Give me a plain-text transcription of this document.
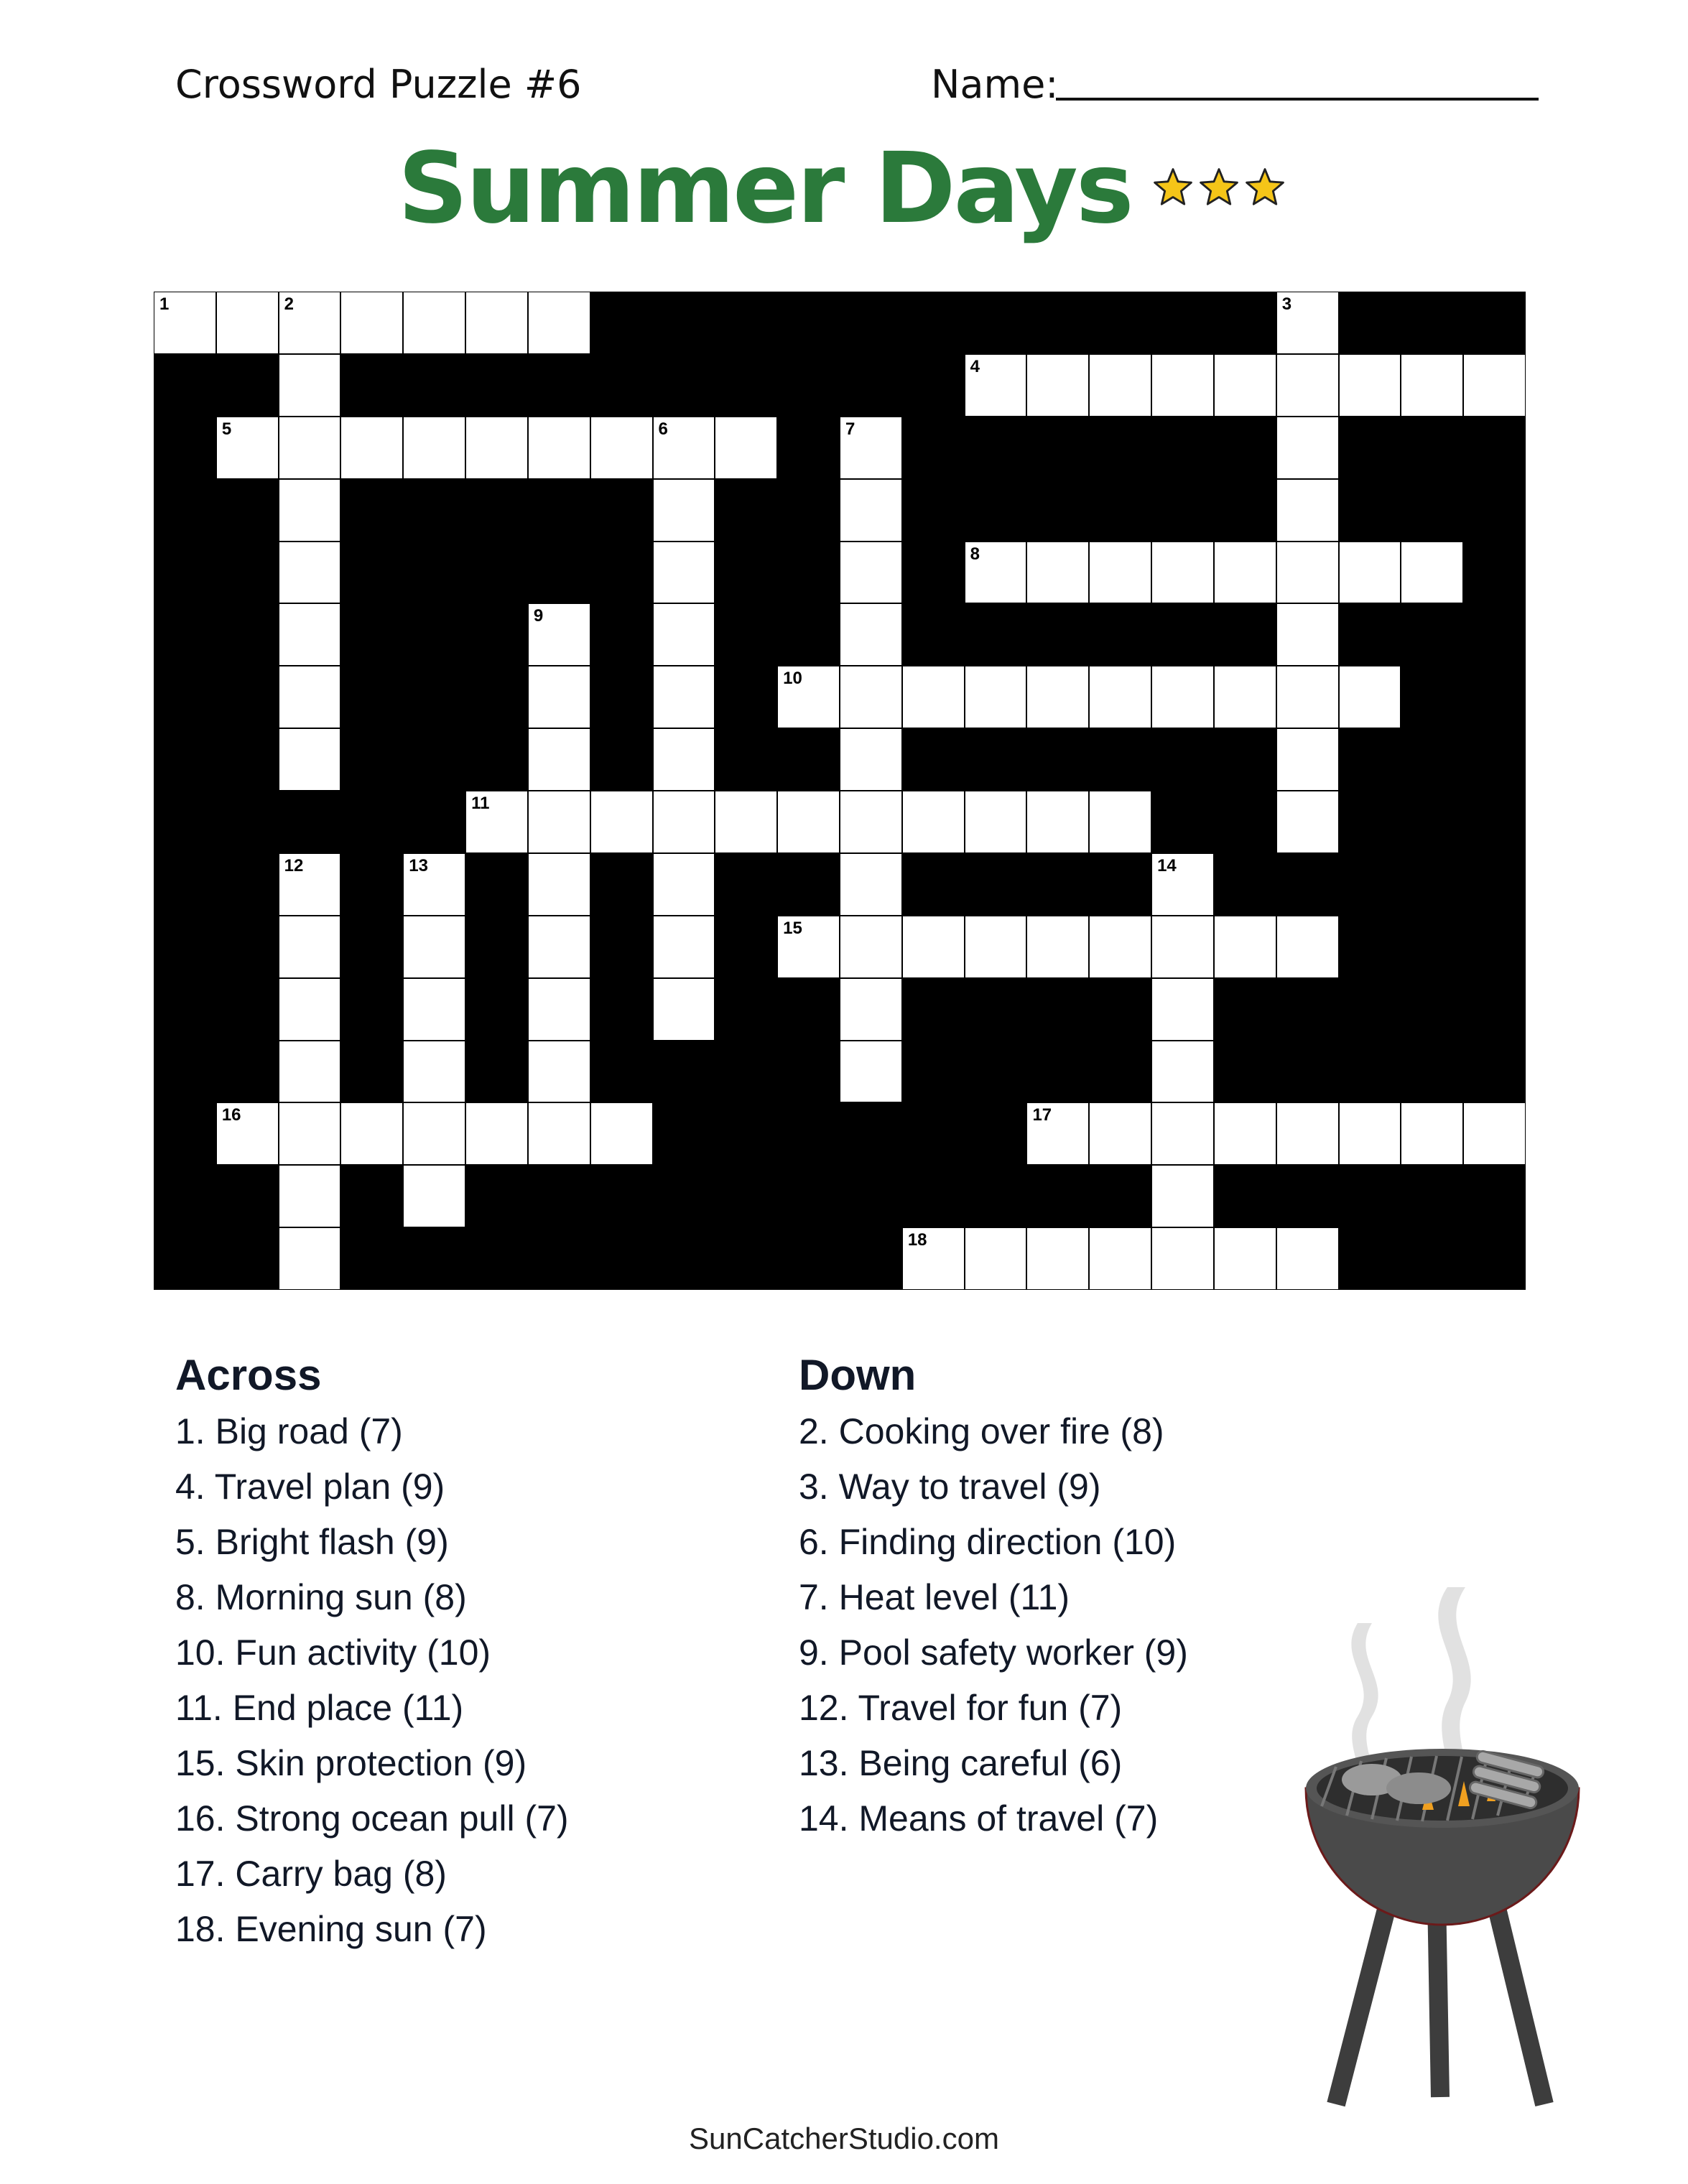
Crossword Puzzle #6	Name:
Summer Days
1	2
4
5	6
8
10
11
15
16	17
18
3
7
9
12	13	14
Across
1. Big road (7)
4. Travel plan (9)
5. Bright flash (9)
8. Morning sun (8)
10. Fun activity (10)
11. End place (11)
15. Skin protection (9)
16. Strong ocean pull (7)
17. Carry bag (8)
18. Evening sun (7)
Down
2. Cooking over fire (8)
3. Way to travel (9)
6. Finding direction (10)
7. Heat level (11)
9. Pool safety worker (9)
12. Travel for fun (7)
13. Being careful (6)
14. Means of travel (7)
SunCatcherStudio.com
